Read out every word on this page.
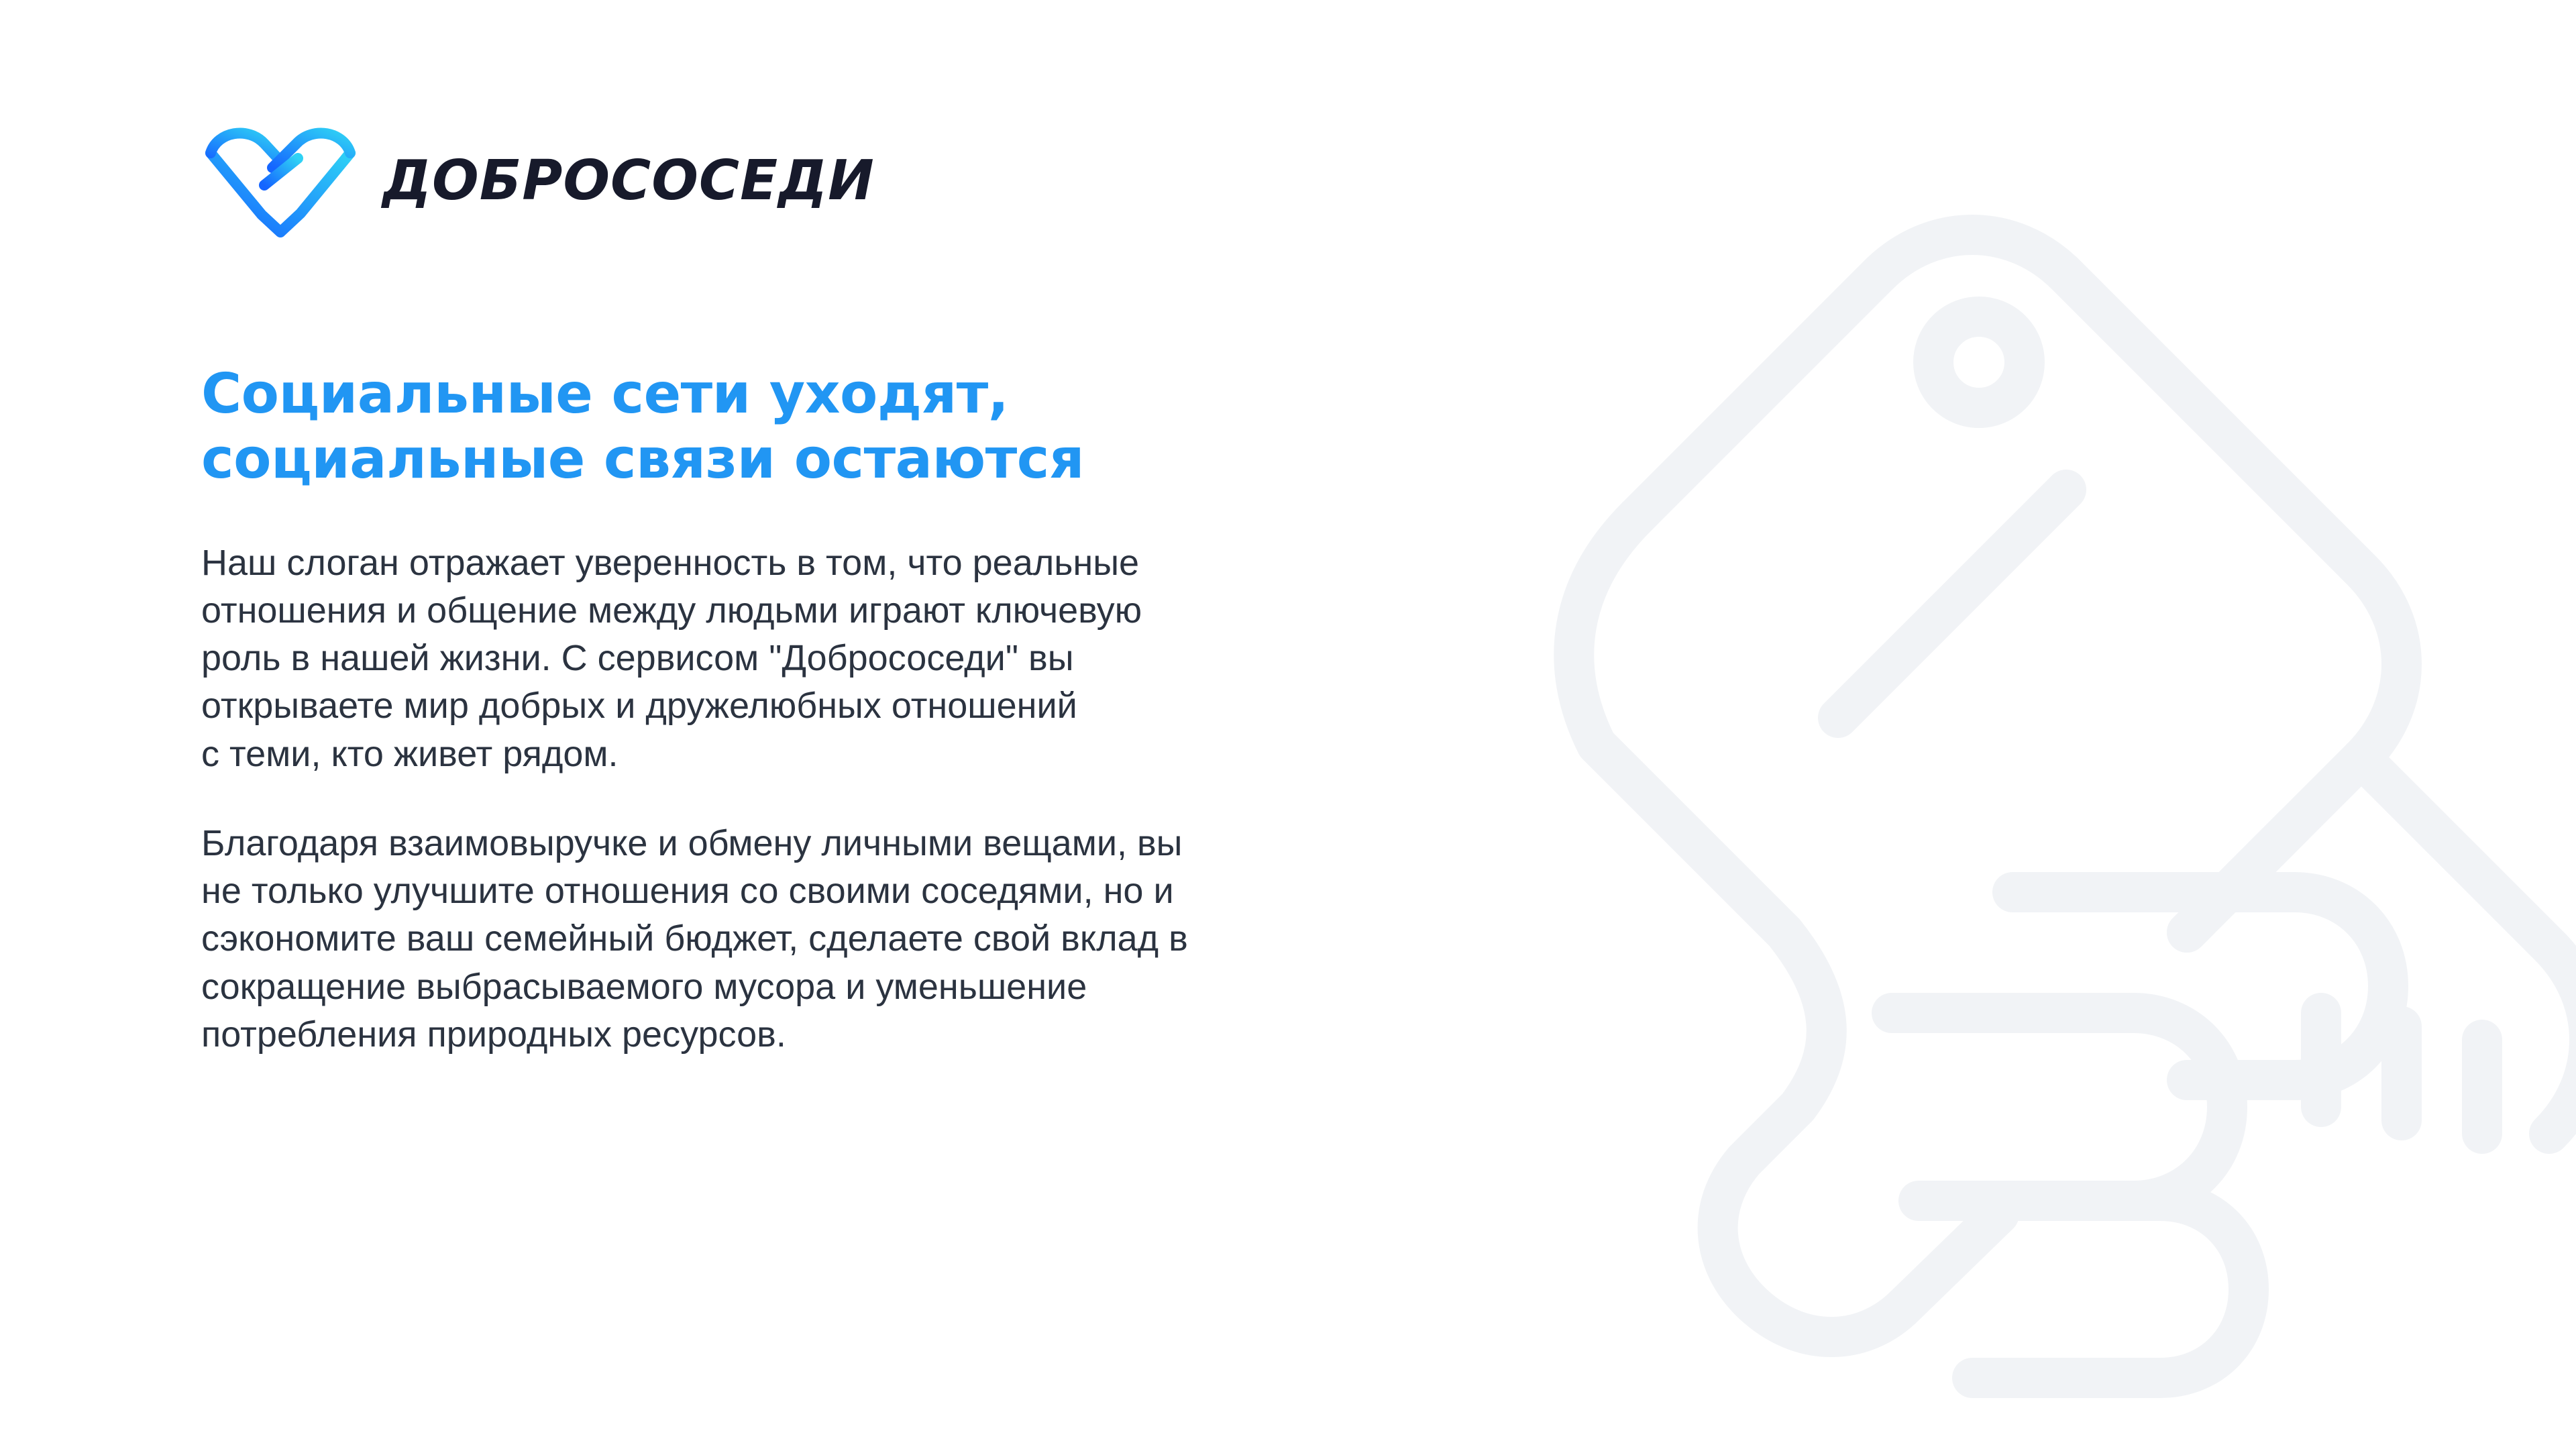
ДОБРОСОСЕДИ
Социальные сети уходят,
социальные связи остаются

Наш слоган отражает уверенность в том, что реальные
отношения и общение между людьми играют ключевую
роль в нашей жизни. С сервисом "Добрососеди" вы
открываете мир добрых и дружелюбных отношений
с теми, кто живет рядом.

Благодаря взаимовыручке и обмену личными вещами, вы
не только улучшите отношения со своими соседями, но и
сэкономите ваш семейный бюджет, сделаете свой вклад в
сокращение выбрасываемого мусора и уменьшение
потребления природных ресурсов.
